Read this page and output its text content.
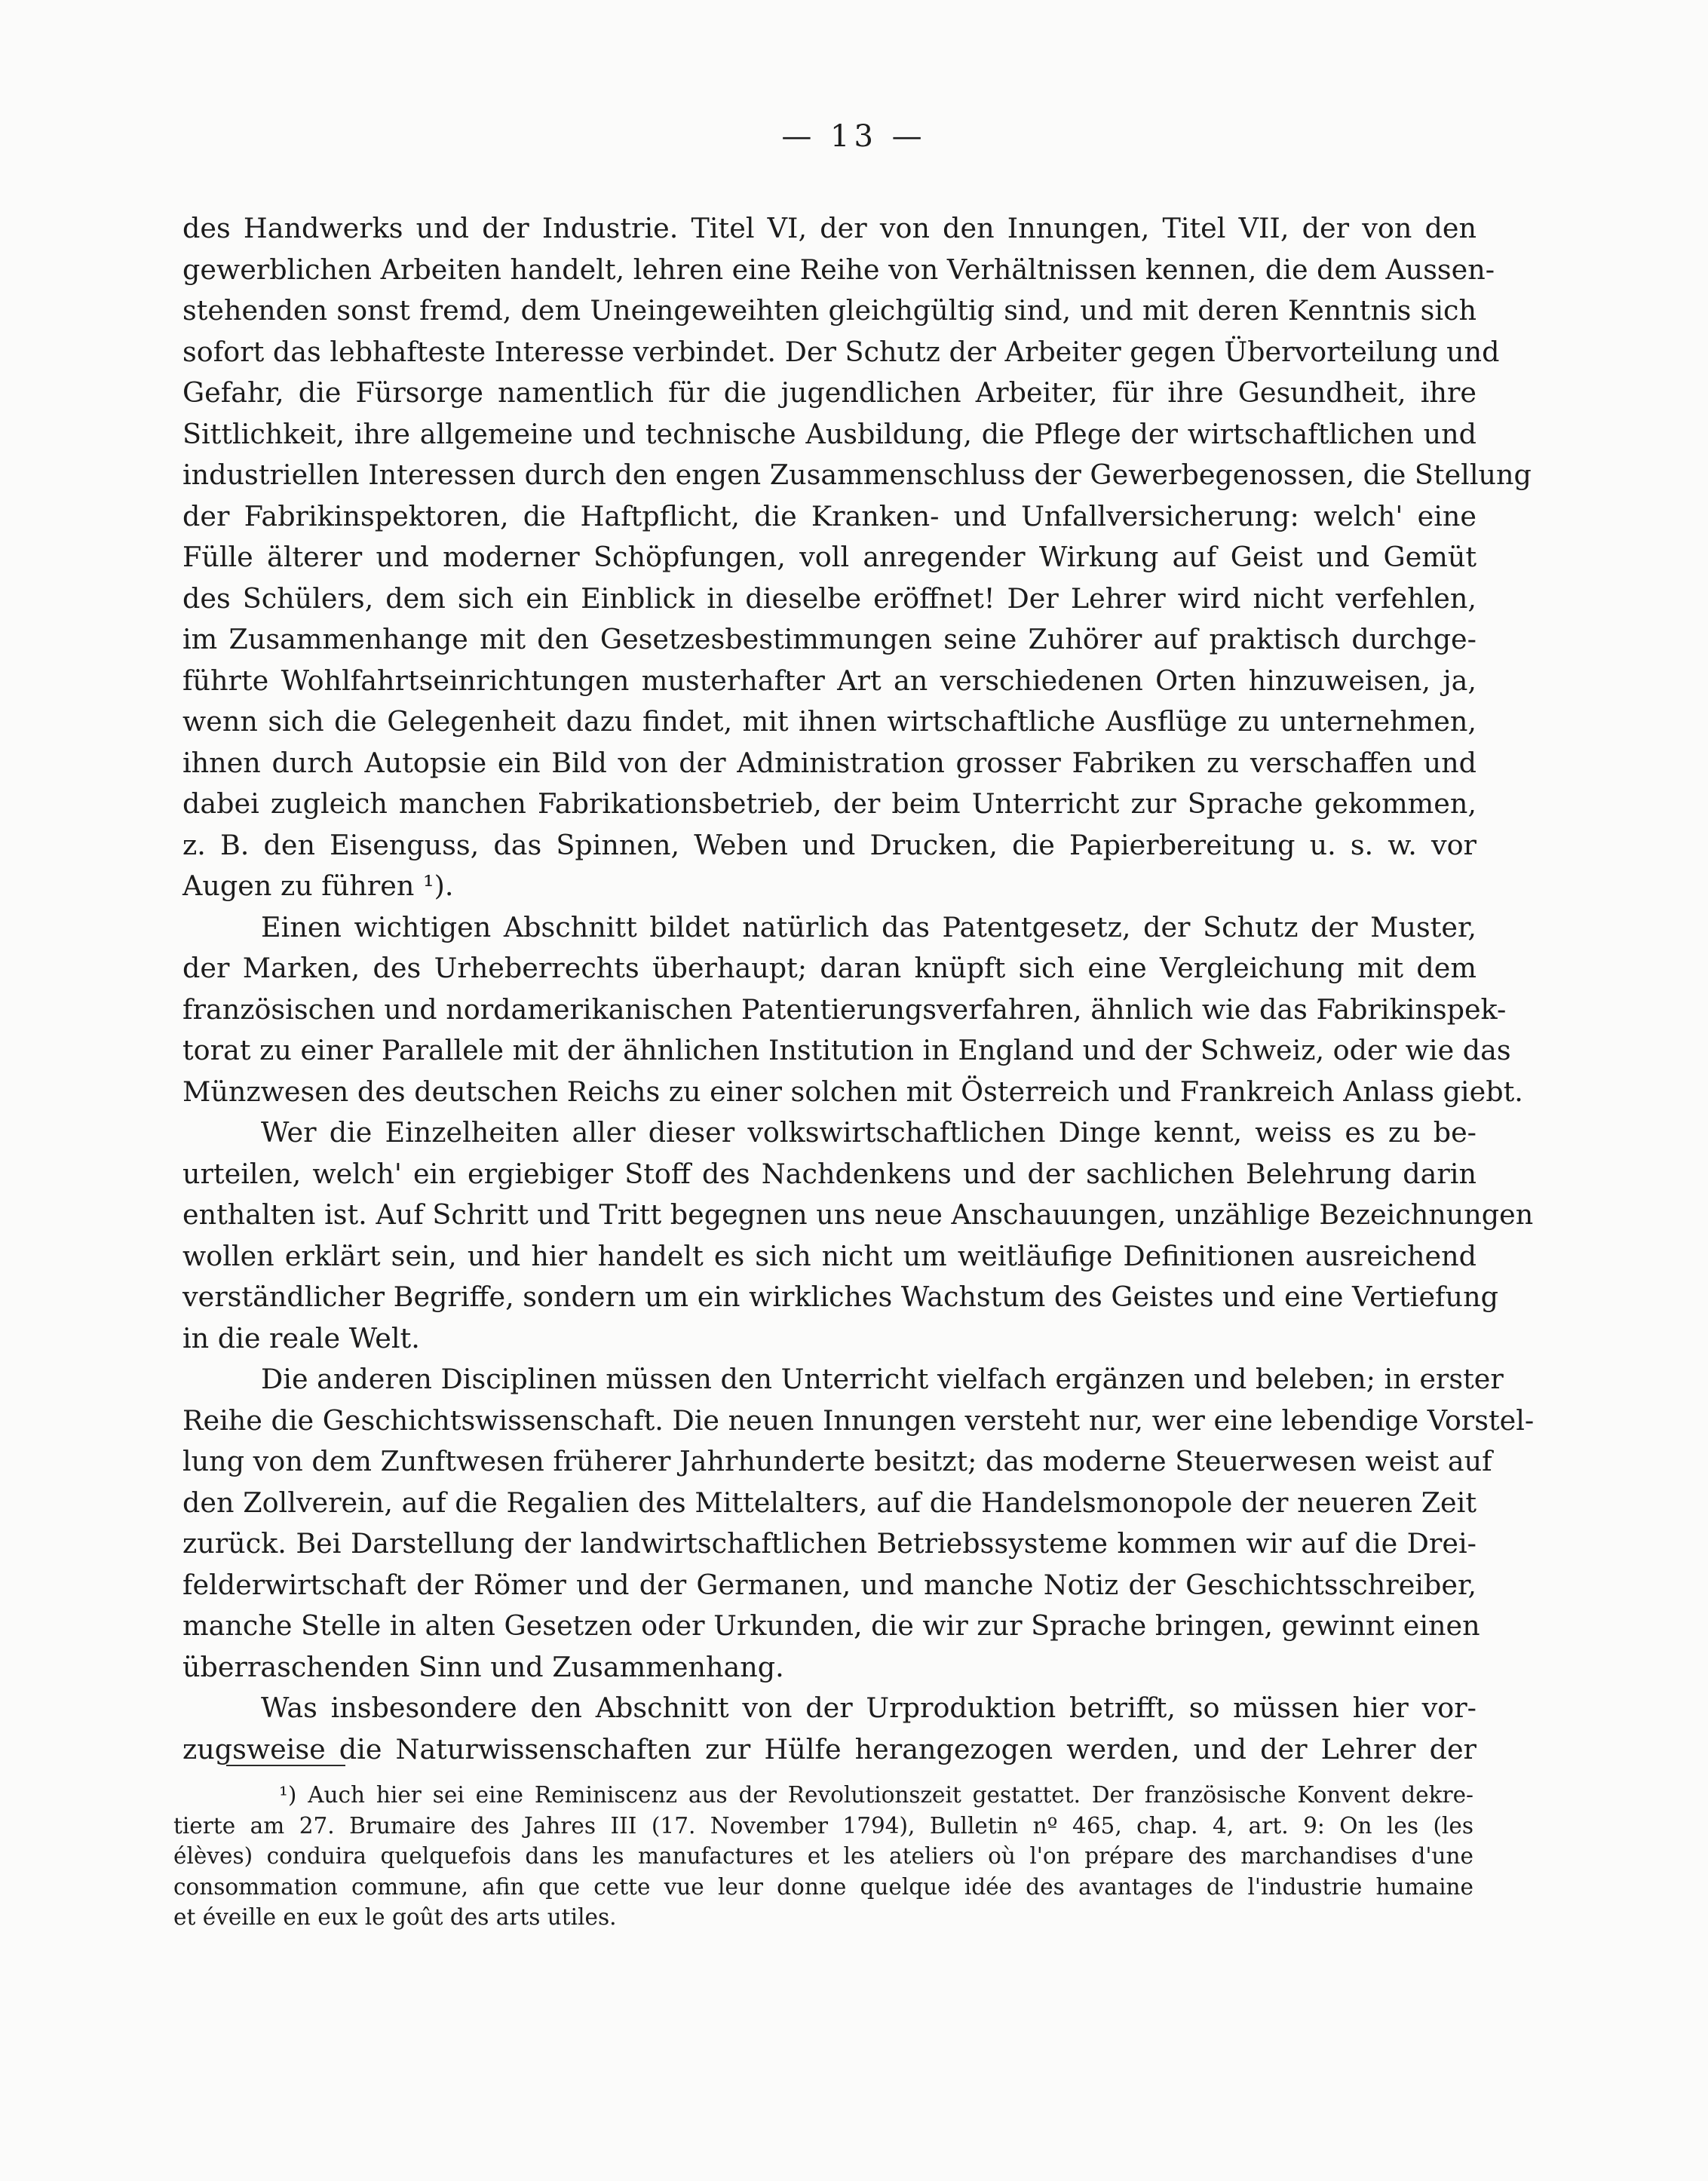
— 13 —
des Handwerks und der Industrie. Titel VI, der von den Innungen, Titel VII, der von den
gewerblichen Arbeiten handelt, lehren eine Reihe von Verhältnissen kennen, die dem Aussen-
stehenden sonst fremd, dem Uneingeweihten gleichgültig sind, und mit deren Kenntnis sich
sofort das lebhafteste Interesse verbindet. Der Schutz der Arbeiter gegen Übervorteilung und
Gefahr, die Fürsorge namentlich für die jugendlichen Arbeiter, für ihre Gesundheit, ihre
Sittlichkeit, ihre allgemeine und technische Ausbildung, die Pflege der wirtschaftlichen und
industriellen Interessen durch den engen Zusammenschluss der Gewerbegenossen, die Stellung
der Fabrikinspektoren, die Haftpflicht, die Kranken- und Unfallversicherung: welch' eine
Fülle älterer und moderner Schöpfungen, voll anregender Wirkung auf Geist und Gemüt
des Schülers, dem sich ein Einblick in dieselbe eröffnet! Der Lehrer wird nicht verfehlen,
im Zusammenhange mit den Gesetzesbestimmungen seine Zuhörer auf praktisch durchge-
führte Wohlfahrtseinrichtungen musterhafter Art an verschiedenen Orten hinzuweisen, ja,
wenn sich die Gelegenheit dazu findet, mit ihnen wirtschaftliche Ausflüge zu unternehmen,
ihnen durch Autopsie ein Bild von der Administration grosser Fabriken zu verschaffen und
dabei zugleich manchen Fabrikationsbetrieb, der beim Unterricht zur Sprache gekommen,
z. B. den Eisenguss, das Spinnen, Weben und Drucken, die Papierbereitung u. s. w. vor
Augen zu führen ¹).
Einen wichtigen Abschnitt bildet natürlich das Patentgesetz, der Schutz der Muster,
der Marken, des Urheberrechts überhaupt; daran knüpft sich eine Vergleichung mit dem
französischen und nordamerikanischen Patentierungsverfahren, ähnlich wie das Fabrikinspek-
torat zu einer Parallele mit der ähnlichen Institution in England und der Schweiz, oder wie das
Münzwesen des deutschen Reichs zu einer solchen mit Österreich und Frankreich Anlass giebt.
Wer die Einzelheiten aller dieser volkswirtschaftlichen Dinge kennt, weiss es zu be-
urteilen, welch' ein ergiebiger Stoff des Nachdenkens und der sachlichen Belehrung darin
enthalten ist. Auf Schritt und Tritt begegnen uns neue Anschauungen, unzählige Bezeichnungen
wollen erklärt sein, und hier handelt es sich nicht um weitläufige Definitionen ausreichend
verständlicher Begriffe, sondern um ein wirkliches Wachstum des Geistes und eine Vertiefung
in die reale Welt.
Die anderen Disciplinen müssen den Unterricht vielfach ergänzen und beleben; in erster
Reihe die Geschichtswissenschaft. Die neuen Innungen versteht nur, wer eine lebendige Vorstel-
lung von dem Zunftwesen früherer Jahrhunderte besitzt; das moderne Steuerwesen weist auf
den Zollverein, auf die Regalien des Mittelalters, auf die Handelsmonopole der neueren Zeit
zurück. Bei Darstellung der landwirtschaftlichen Betriebssysteme kommen wir auf die Drei-
felderwirtschaft der Römer und der Germanen, und manche Notiz der Geschichtsschreiber,
manche Stelle in alten Gesetzen oder Urkunden, die wir zur Sprache bringen, gewinnt einen
überraschenden Sinn und Zusammenhang.
Was insbesondere den Abschnitt von der Urproduktion betrifft, so müssen hier vor-
zugsweise die Naturwissenschaften zur Hülfe herangezogen werden, und der Lehrer der
¹) Auch hier sei eine Reminiscenz aus der Revolutionszeit gestattet. Der französische Konvent dekre-
tierte am 27. Brumaire des Jahres III (17. November 1794), Bulletin nº 465, chap. 4, art. 9: On les (les
élèves) conduira quelquefois dans les manufactures et les ateliers où l'on prépare des marchandises d'une
consommation commune, afin que cette vue leur donne quelque idée des avantages de l'industrie humaine
et éveille en eux le goût des arts utiles.
